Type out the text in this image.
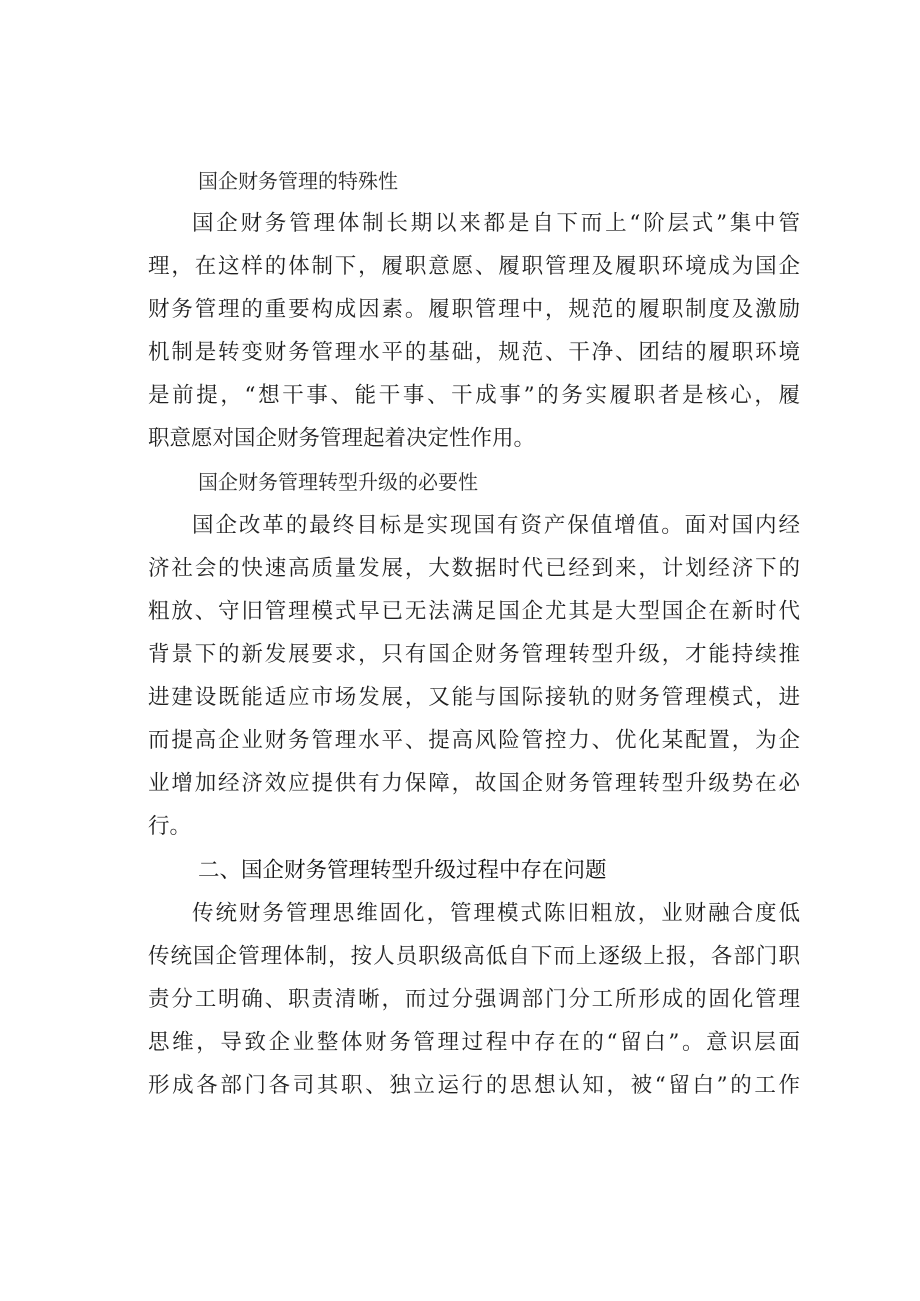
国企财务管理的特殊性
国企财务管理体制长期以来都是自下而上“阶层式”集中管
理，在这样的体制下，履职意愿、履职管理及履职环境成为国企
财务管理的重要构成因素。履职管理中，规范的履职制度及激励
机制是转变财务管理水平的基础，规范、干净、团结的履职环境
是前提，“想干事、能干事、干成事”的务实履职者是核心，履
职意愿对国企财务管理起着决定性作用。
国企财务管理转型升级的必要性
国企改革的最终目标是实现国有资产保值增值。面对国内经
济社会的快速高质量发展，大数据时代已经到来，计划经济下的
粗放、守旧管理模式早已无法满足国企尤其是大型国企在新时代
背景下的新发展要求，只有国企财务管理转型升级，才能持续推
进建设既能适应市场发展，又能与国际接轨的财务管理模式，进
而提高企业财务管理水平、提高风险管控力、优化某配置，为企
业增加经济效应提供有力保障，故国企财务管理转型升级势在必
行。
二、国企财务管理转型升级过程中存在问题
传统财务管理思维固化，管理模式陈旧粗放，业财融合度低
传统国企管理体制，按人员职级高低自下而上逐级上报，各部门职
责分工明确、职责清晰，而过分强调部门分工所形成的固化管理
思维，导致企业整体财务管理过程中存在的“留白”。意识层面
形成各部门各司其职、独立运行的思想认知，被“留白”的工作
